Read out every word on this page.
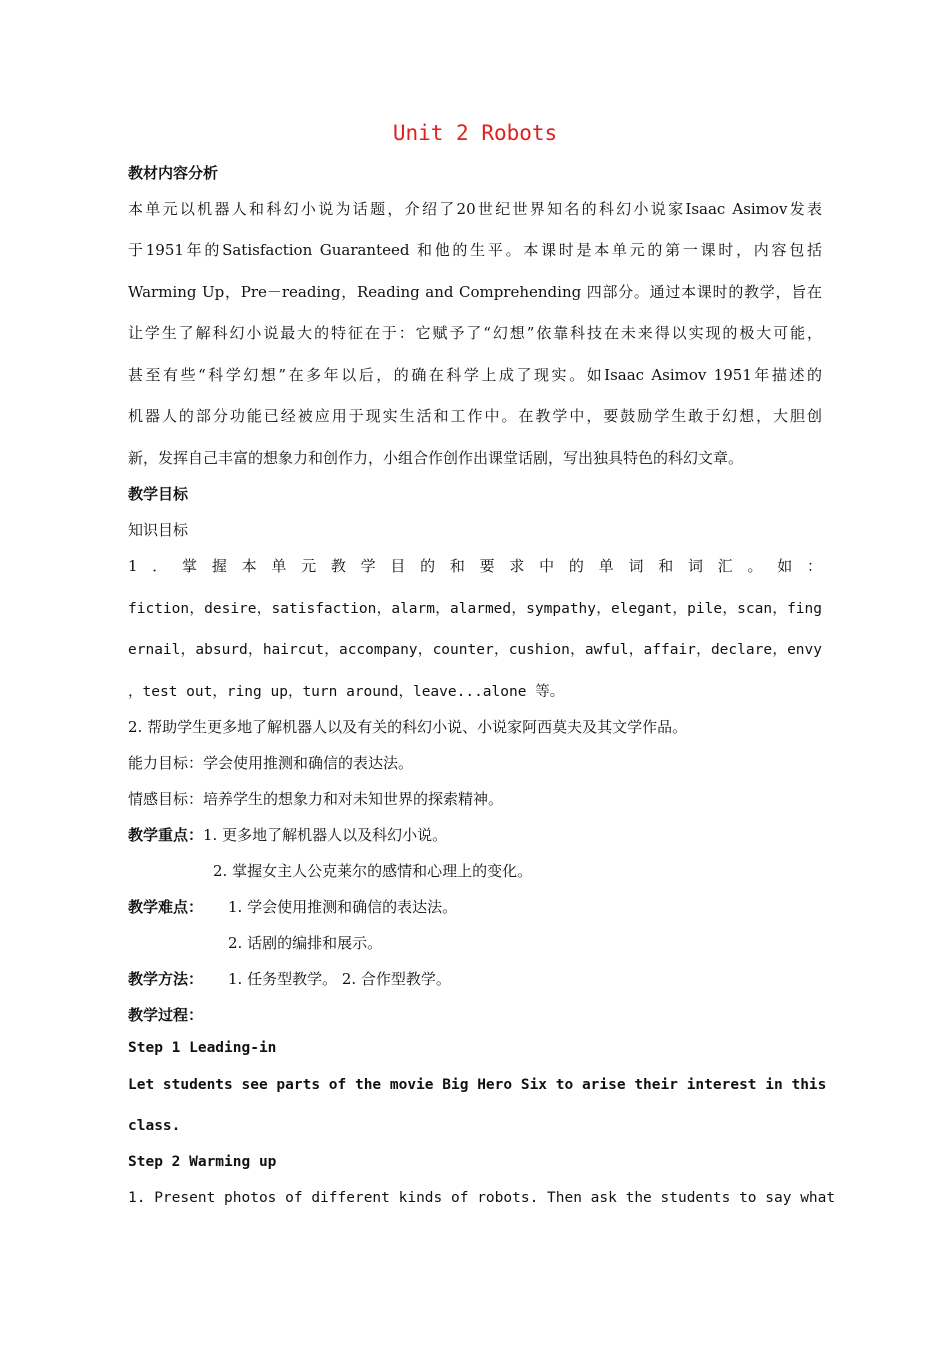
Unit 2 Robots
教材内容分析
本单元以机器人和科幻小说为话题，介绍了20世纪世界知名的科幻小说家Isaac Asimov发表
于1951年的Satisfaction Guaranteed 和他的生平。本课时是本单元的第一课时，内容包括
Warming Up，Pre－reading，Reading and Comprehending 四部分。通过本课时的教学，旨在
让学生了解科幻小说最大的特征在于：它赋予了“幻想”依靠科技在未来得以实现的极大可能，
甚至有些“科学幻想”在多年以后，的确在科学上成了现实。如Isaac Asimov 1951年描述的
机器人的部分功能已经被应用于现实生活和工作中。在教学中，要鼓励学生敢于幻想，大胆创
新，发挥自己丰富的想象力和创作力，小组合作创作出课堂话剧，写出独具特色的科幻文章。
教学目标
知识目标
1．掌握本单元教学目的和要求中的单词和词汇。如：
fiction，desire，satisfaction，alarm，alarmed，sympathy，elegant，pile，scan，fing
ernail，absurd，haircut，accompany，counter，cushion，awful，affair，declare，envy
，test out，ring up，turn around，leave...alone 等。
2. 帮助学生更多地了解机器人以及有关的科幻小说、小说家阿西莫夫及其文学作品。
能力目标：学会使用推测和确信的表达法。
情感目标：培养学生的想象力和对未知世界的探索精神。
教学重点：1. 更多地了解机器人以及科幻小说。
2. 掌握女主人公克莱尔的感情和心理上的变化。
教学难点： 1. 学会使用推测和确信的表达法。
2. 话剧的编排和展示。
教学方法： 1. 任务型教学。 2. 合作型教学。
教学过程：
Step 1 Leading-in
Let students see parts of the movie Big Hero Six to arise their interest in this
class.
Step 2 Warming up
1. Present photos of different kinds of robots. Then ask the students to say what
